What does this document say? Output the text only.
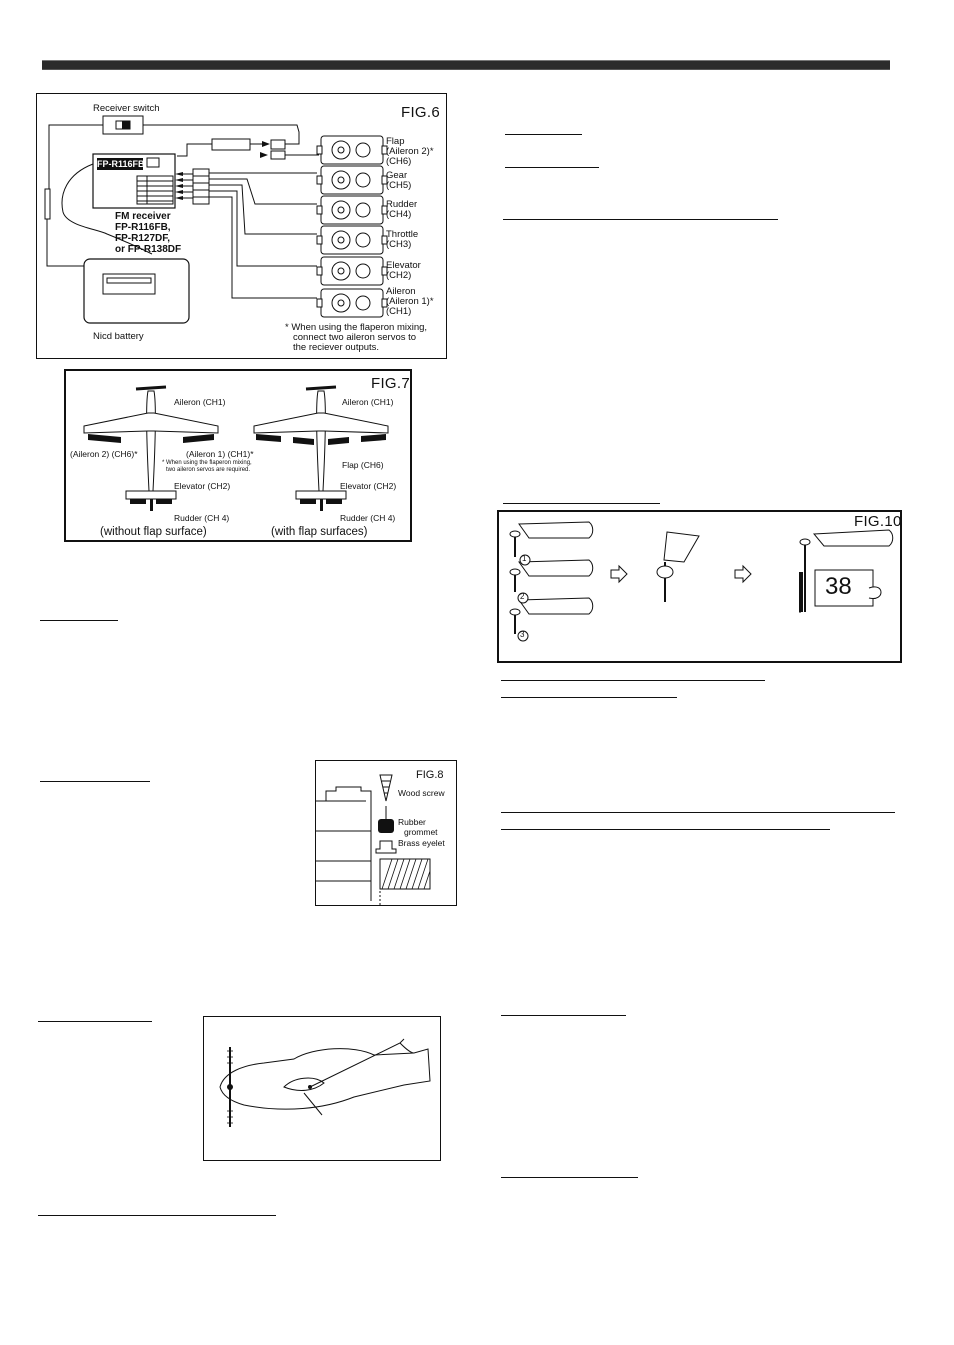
FIG.6
Receiver switch
FP-R116FB
FM receiver
FP-R116FB,
FP-R127DF,
or FP-R138DF
Nicd battery
Flap
(Aileron 2)*
(CH6)
Gear
(CH5)
Rudder
(CH4)
Throttle
(CH3)
Elevator
(CH2)
Aileron
(Aileron 1)*
(CH1)
* When using the flaperon mixing,
connect two aileron servos to
the reciever outputs.
FIG.7
Aileron (CH1)
(Aileron 2) (CH6)*	(Aileron 1) (CH1)*
* When using the flaperon mixing,
two aileron servos are required.
Elevator (CH2)
Rudder (CH 4)
(without flap surface)
Aileron (CH1)
Flap (CH6)
Elevator (CH2)
Rudder (CH 4)
(with flap surfaces)
FIG.8
Wood screw
Rubber
grommet
Brass eyelet
FIG.10
1
2
3
38
